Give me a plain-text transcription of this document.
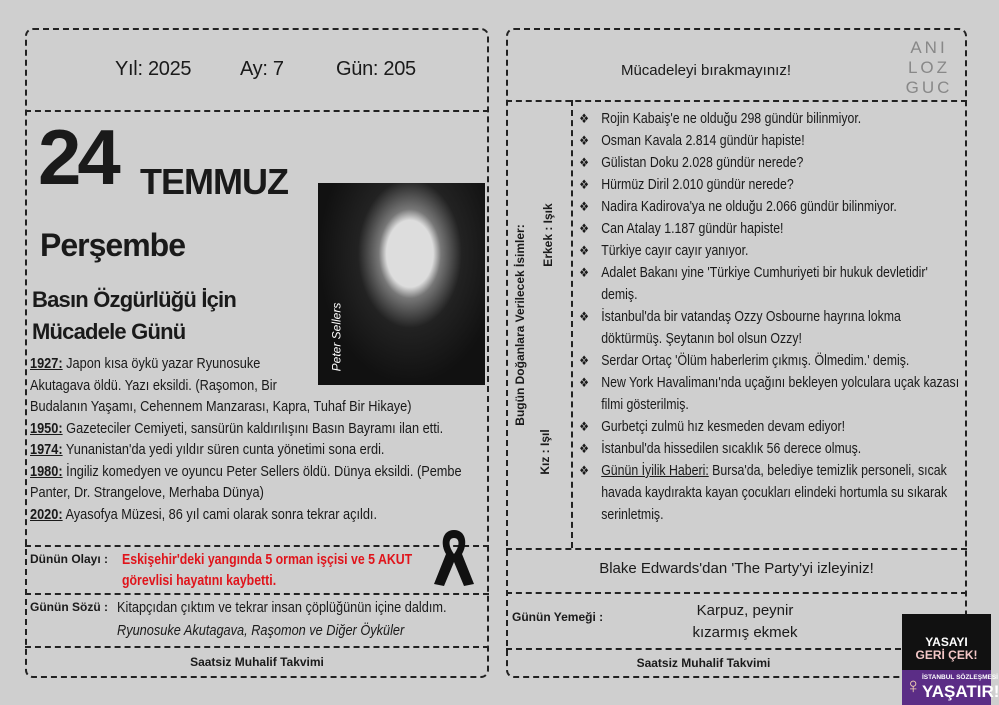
Yıl: 2025 Ay: 7	Gün: 205
24 TEMMUZ
Perşembe
Basın Özgürlüğü İçin Mücadele Günü	Peter Sellers
1927: Japon kısa öykü yazar Ryunosuke Akutagava öldü. Yazı eksildi. (Raşomon, Bir Budalanın Yaşamı, Cehennem Manzarası, Kapra, Tuhaf Bir Hikaye)
1950: Gazeteciler Cemiyeti, sansürün kaldırılışını Basın Bayramı ilan etti.
1974: Yunanistan'da yedi yıldır süren cunta yönetimi sona erdi.
1980: İngiliz komedyen ve oyuncu Peter Sellers öldü. Dünya eksildi. (Pembe Panter, Dr. Strangelove, Merhaba Dünya)
2020: Ayasofya Müzesi, 86 yıl cami olarak sonra tekrar açıldı.
Dünün Olayı : Eskişehir'deki yangında 5 orman işçisi ve 5 AKUT görevlisi hayatını kaybetti.
Günün Sözü : Kitapçıdan çıktım ve tekrar insan çöplüğünün içine daldım. Ryunosuke Akutagava, Raşomon ve Diğer Öyküler
Saatsiz Muhalif Takvimi
Mücadeleyi bırakmayınız!
ANI LOZ GUC
Bugün Doğanlara Verilecek İsimler: Erkek : Işık
Kız : Işıl
❖ Rojin Kabaiş'e ne olduğu 298 gündür bilinmiyor.
❖ Osman Kavala 2.814 gündür hapiste!
❖ Gülistan Doku 2.028 gündür nerede?
❖ Hürmüz Diril 2.010 gündür nerede?
❖ Nadira Kadirova'ya ne olduğu 2.066 gündür bilinmiyor.
❖ Can Atalay 1.187 gündür hapiste!
❖ Türkiye cayır cayır yanıyor.
❖ Adalet Bakanı yine 'Türkiye Cumhuriyeti bir hukuk devletidir' demiş.
❖ İstanbul'da bir vatandaş Ozzy Osbourne hayrına lokma döktürmüş. Şeytanın bol olsun Ozzy!
❖ Serdar Ortaç 'Ölüm haberlerim çıkmış. Ölmedim.' demiş.
❖ New York Havalimanı'nda uçağını bekleyen yolculara uçak kazası filmi gösterilmiş.
❖ Gurbetçi zulmü hız kesmeden devam ediyor!
❖ İstanbul'da hissedilen sıcaklık 56 derece olmuş.
❖ Günün İyilik Haberi: Bursa'da, belediye temizlik personeli, sıcak havada kaydırakta kayan çocukları elindeki hortumla su sıkarak serinletmiş.
Blake Edwards'dan 'The Party'yi izleyiniz!
Günün Yemeği :	Karpuz, peynir kızarmış ekmek
Saatsiz Muhalif Takvimi
YASAYI
GERİ ÇEK!
♀ İSTANBUL SÖZLEŞMESİ
YAŞATIR!
